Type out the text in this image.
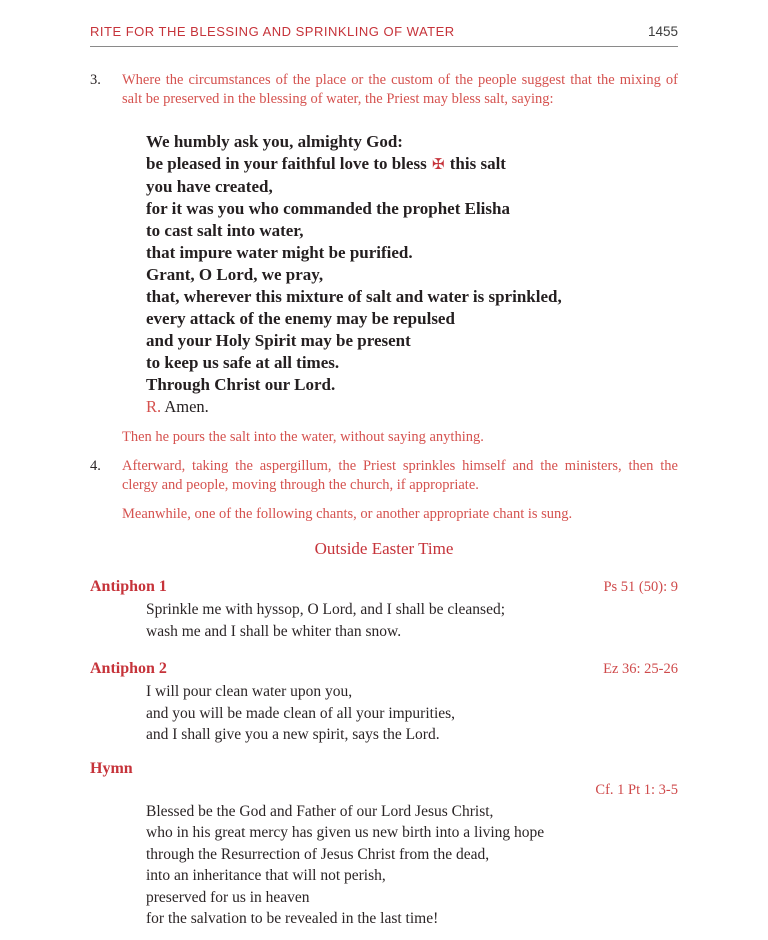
RITE FOR THE BLESSING AND SPRINKLING OF WATER	1455
3.	Where the circumstances of the place or the custom of the people suggest that the mixing of
salt be preserved in the blessing of water, the Priest may bless salt, saying:
We humbly ask you, almighty God:
be pleased in your faithful love to bless ✠ this salt
you have created,
for it was you who commanded the prophet Elisha
to cast salt into water,
that impure water might be purified.
Grant, O Lord, we pray,
that, wherever this mixture of salt and water is sprinkled,
every attack of the enemy may be repulsed
and your Holy Spirit may be present
to keep us safe at all times.
Through Christ our Lord.
R. Amen.
Then he pours the salt into the water, without saying anything.
4.	Afterward, taking the aspergillum, the Priest sprinkles himself and the ministers, then the
clergy and people, moving through the church, if appropriate.
Meanwhile, one of the following chants, or another appropriate chant is sung.
Outside Easter Time
Antiphon 1	Ps 51 (50): 9
Sprinkle me with hyssop, O Lord, and I shall be cleansed;
wash me and I shall be whiter than snow.
Antiphon 2	Ez 36: 25-26
I will pour clean water upon you,
and you will be made clean of all your impurities,
and I shall give you a new spirit, says the Lord.
Hymn
Cf. 1 Pt 1: 3-5
Blessed be the God and Father of our Lord Jesus Christ,
who in his great mercy has given us new birth into a living hope
through the Resurrection of Jesus Christ from the dead,
into an inheritance that will not perish,
preserved for us in heaven
for the salvation to be revealed in the last time!
